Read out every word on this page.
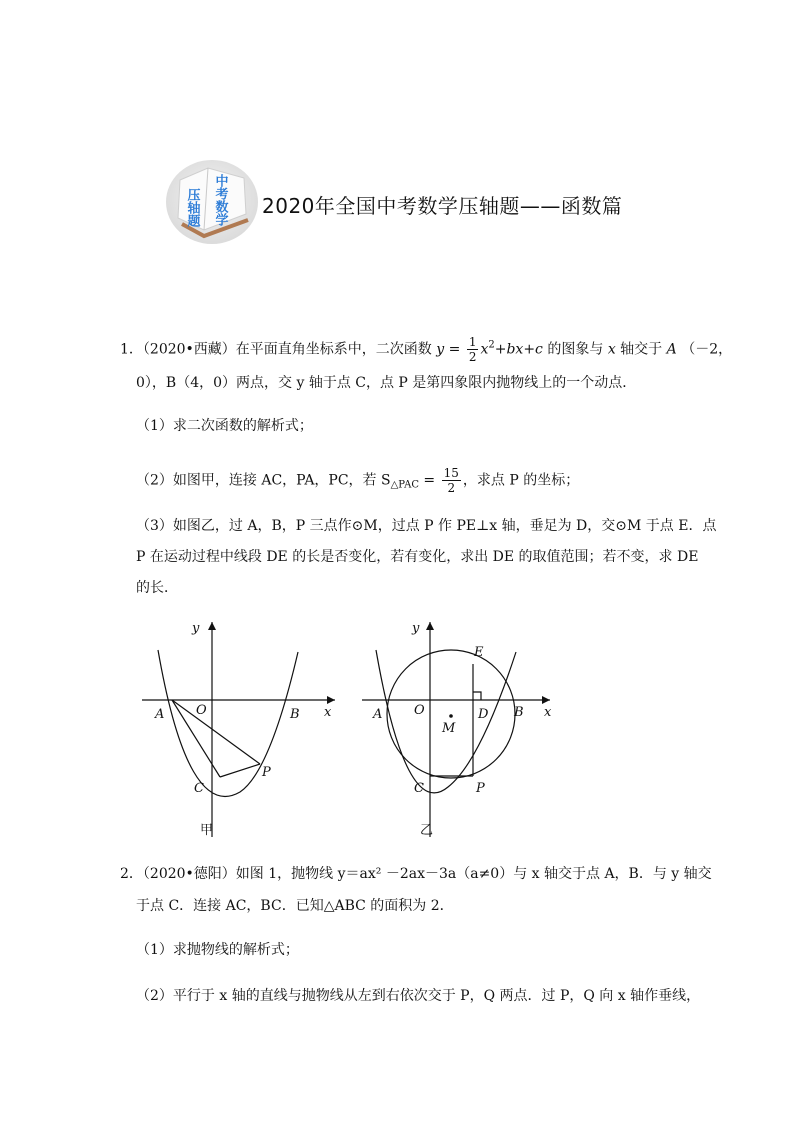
压轴题 中考数学 2020年全国中考数学压轴题——函数篇
1．（2020•西藏）在平面直角坐标系中，二次函数 $y = \frac{1}{2} x^2+bx+c$ 的图象与 x 轴交于 A （－2，
0），B（4，0）两点，交 y 轴于点 C，点 P 是第四象限内抛物线上的一个动点．
（1）求二次函数的解析式；
（2）如图甲，连接 AC，PA，PC，若 $S_{\triangle PAC} = \frac{15}{2}$ ，求点 P 的坐标；
（3）如图乙，过 A，B，P 三点作⊙M，过点 P 作 PE⊥x 轴，垂足为 D，交⊙M 于点 E．点
P 在运动过程中线段 DE 的长是否变化，若有变化，求出 DE 的取值范围；若不变，求 DE
的长．
y
x
O
A	B
C
P
甲
y
x
O
A	B
D
E
M
C	P
乙
2．（2020•德阳）如图 1，抛物线 y＝ax² －2ax－3a（a≠0）与 x 轴交于点 A，B．与 y 轴交
于点 C．连接 AC，BC．已知△ABC 的面积为 2．
（1）求抛物线的解析式；
（2）平行于 x 轴的直线与抛物线从左到右依次交于 P，Q 两点．过 P，Q 向 x 轴作垂线，
